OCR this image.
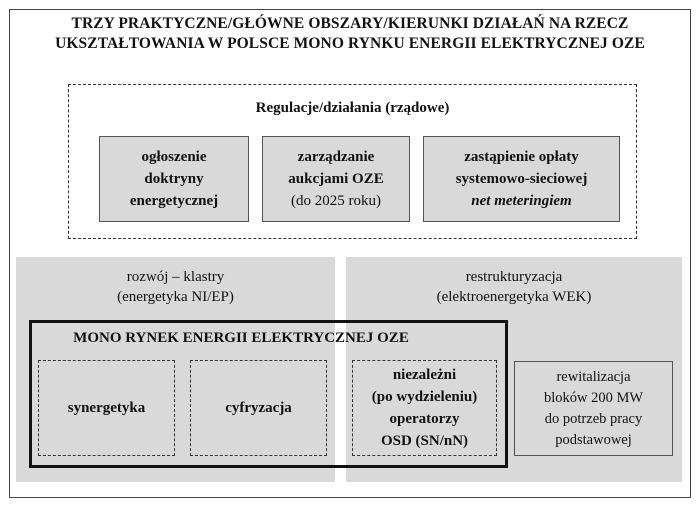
TRZY PRAKTYCZNE/GŁÓWNE OBSZARY/KIERUNKI DZIAŁAŃ NA RZECZ
UKSZTAŁTOWANIA W POLSCE MONO RYNKU ENERGII ELEKTRYCZNEJ OZE
Regulacje/działania (rządowe)
ogłoszenie
doktryny
energetycznej
zarządzanie
aukcjami OZE
(do 2025 roku)
zastąpienie opłaty
systemowo-sieciowej
net meteringiem
rozwój – klastry
(energetyka NI/EP)
restrukturyzacja
(elektroenergetyka WEK)
MONO RYNEK ENERGII ELEKTRYCZNEJ OZE
synergetyka	cyfryzacja
niezależni
(po wydzieleniu)
operatorzy
OSD (SN/nN)
rewitalizacja
bloków 200 MW
do potrzeb pracy
podstawowej
